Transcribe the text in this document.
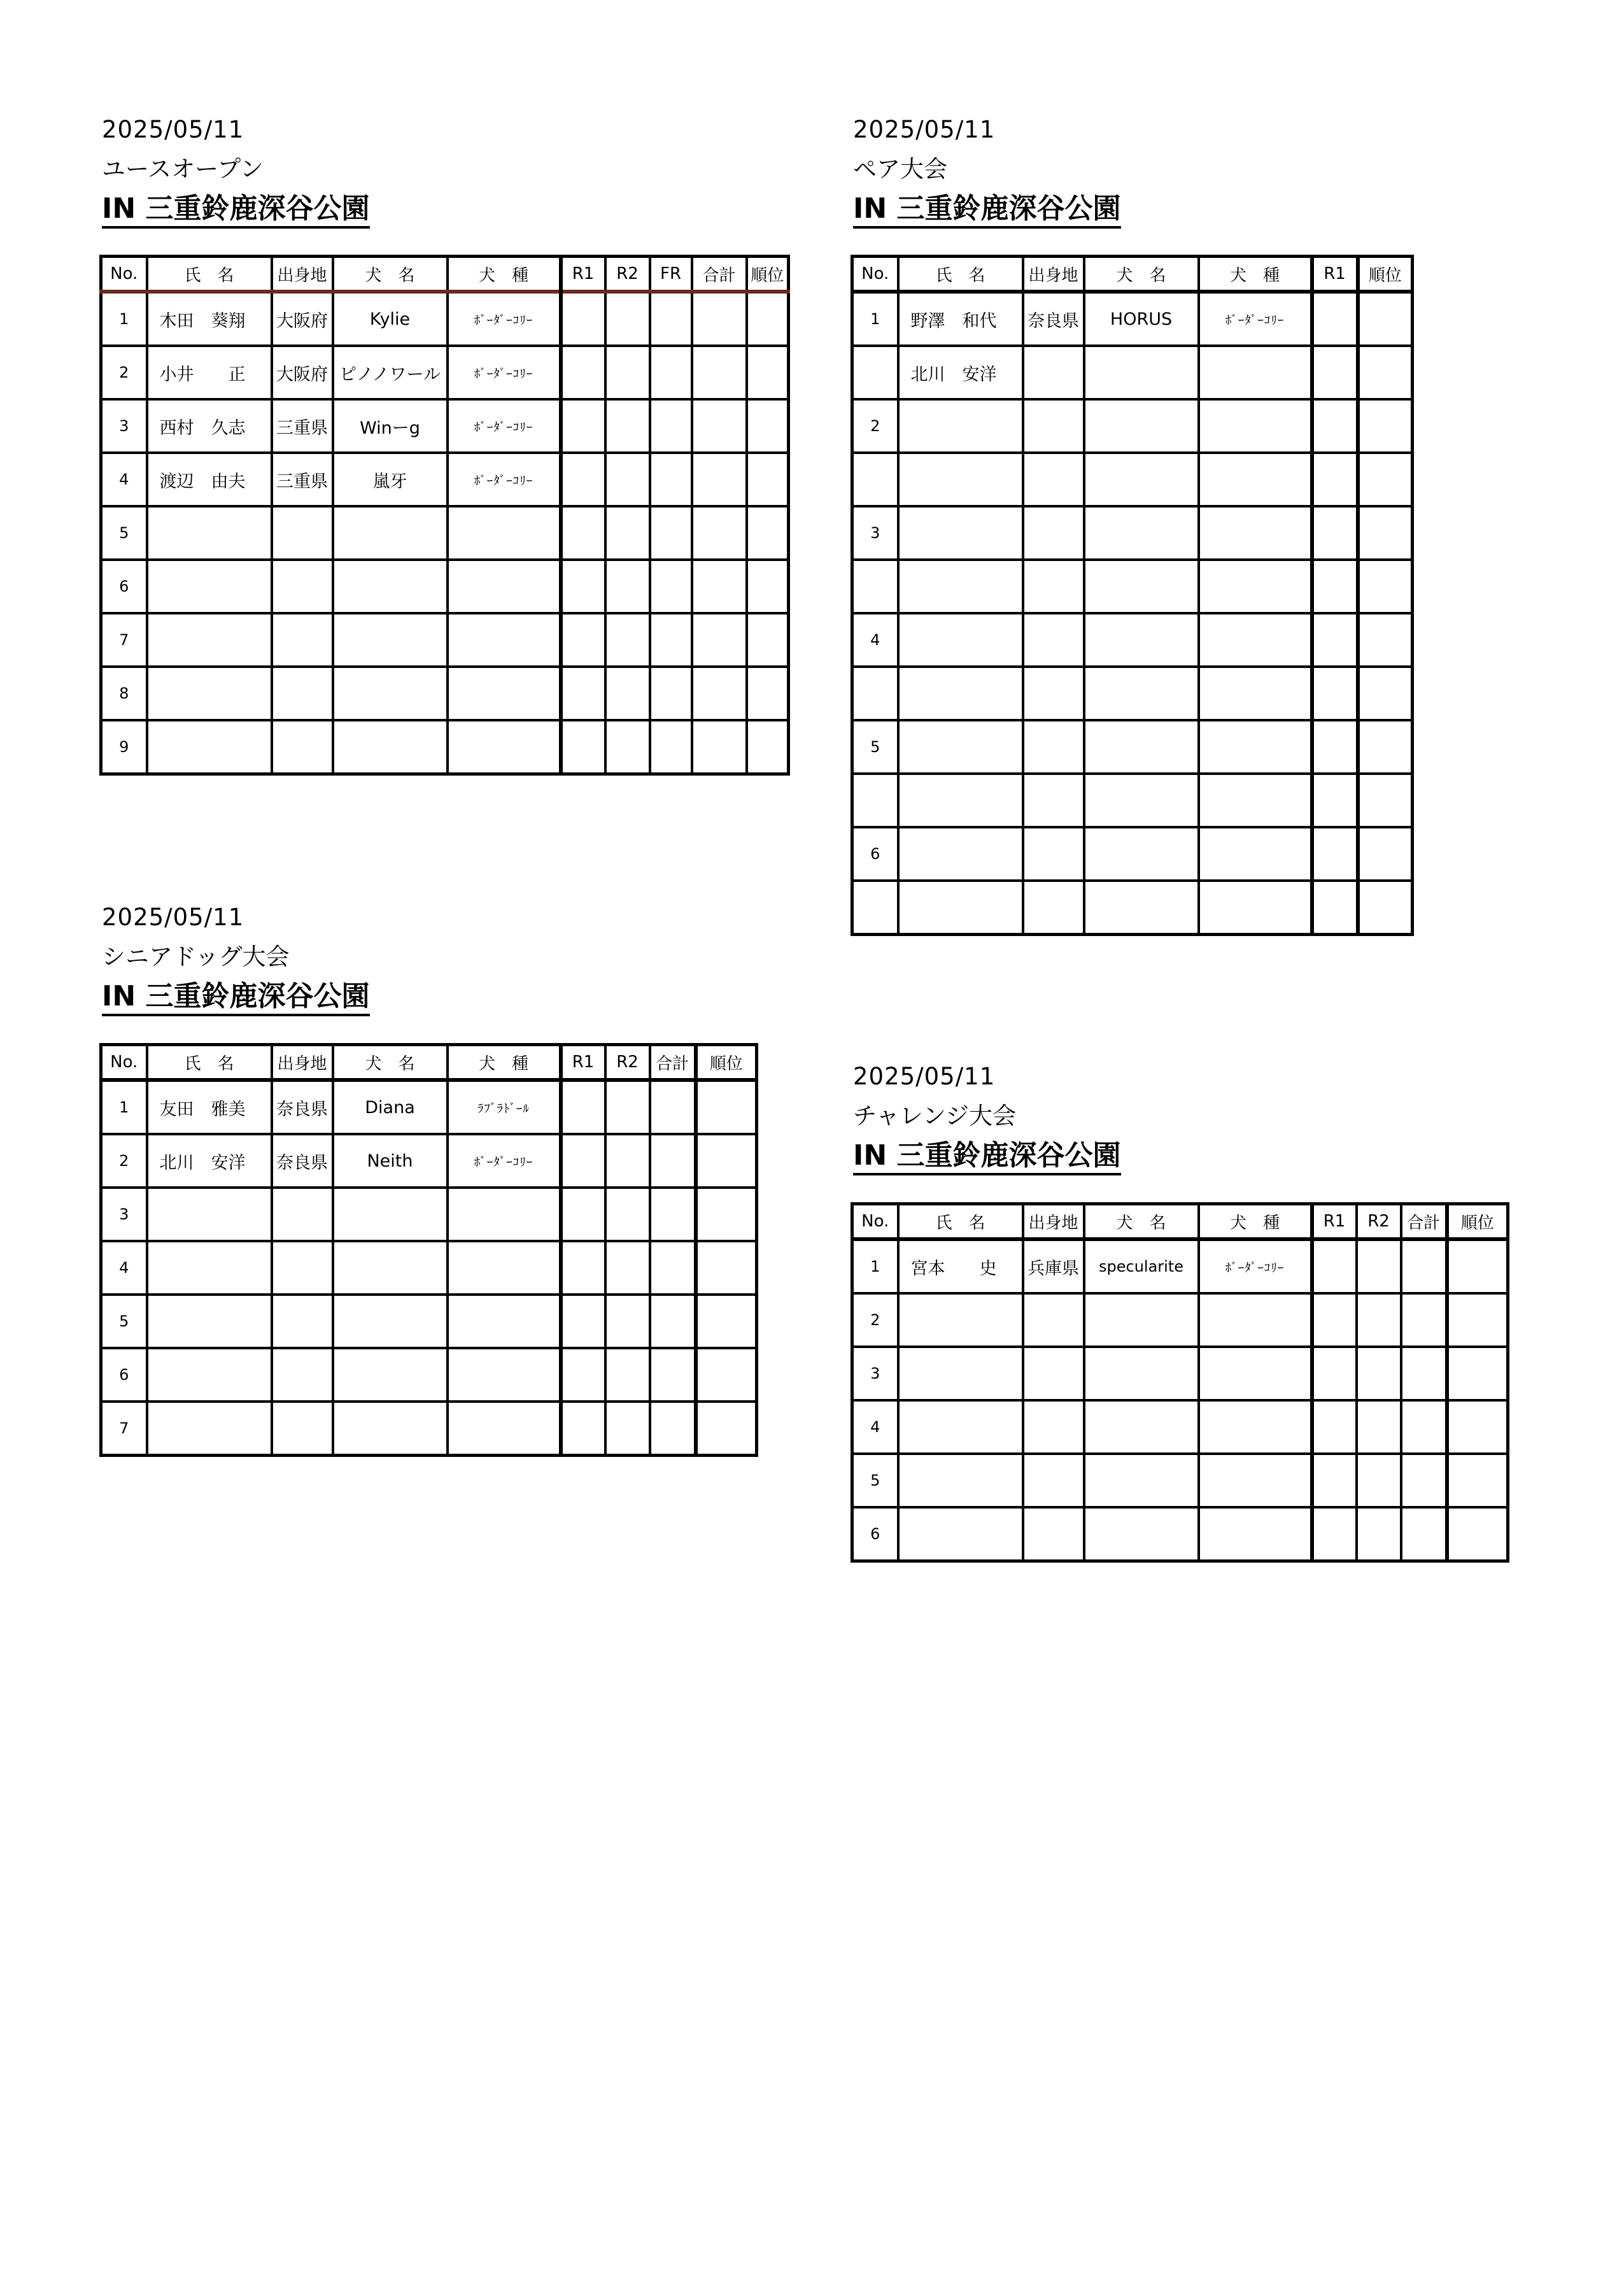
2025/05/11
ユースオープン
IN 三重鈴鹿深谷公園
No.	氏　名	出身地	犬　名	犬　種	R1	R2	FR	合計	順位
1	木田　葵翔	大阪府	Kylie	ﾎﾞｰﾀﾞｰｺﾘｰ					
2	小井　　正	大阪府	ピノノワール	ﾎﾞｰﾀﾞｰｺﾘｰ					
3	西村　久志	三重県	Winーg	ﾎﾞｰﾀﾞｰｺﾘｰ					
4	渡辺　由夫	三重県	嵐牙	ﾎﾞｰﾀﾞｰｺﾘｰ					
5									
6									
7									
8									
9									
2025/05/11
ペア大会
IN 三重鈴鹿深谷公園
No.	氏　名	出身地	犬　名	犬　種	R1	順位
1	野澤　和代	奈良県	HORUS	ﾎﾞｰﾀﾞｰｺﾘｰ		
	北川　安洋					
2						

3						

4						

5						

6						

2025/05/11
シニアドッグ大会
IN 三重鈴鹿深谷公園
No.	氏　名	出身地	犬　名	犬　種	R1	R2	合計	順位
1	友田　雅美	奈良県	Diana	ﾗﾌﾞﾗﾄﾞｰﾙ				
2	北川　安洋	奈良県	Neith	ﾎﾞｰﾀﾞｰｺﾘｰ				
3								
4								
5								
6								
7								
2025/05/11
チャレンジ大会
IN 三重鈴鹿深谷公園
No.	氏　名	出身地	犬　名	犬　種	R1	R2	合計	順位
1	宮本　　史	兵庫県	specularite	ﾎﾞｰﾀﾞｰｺﾘｰ				
2								
3								
4								
5								
6								
